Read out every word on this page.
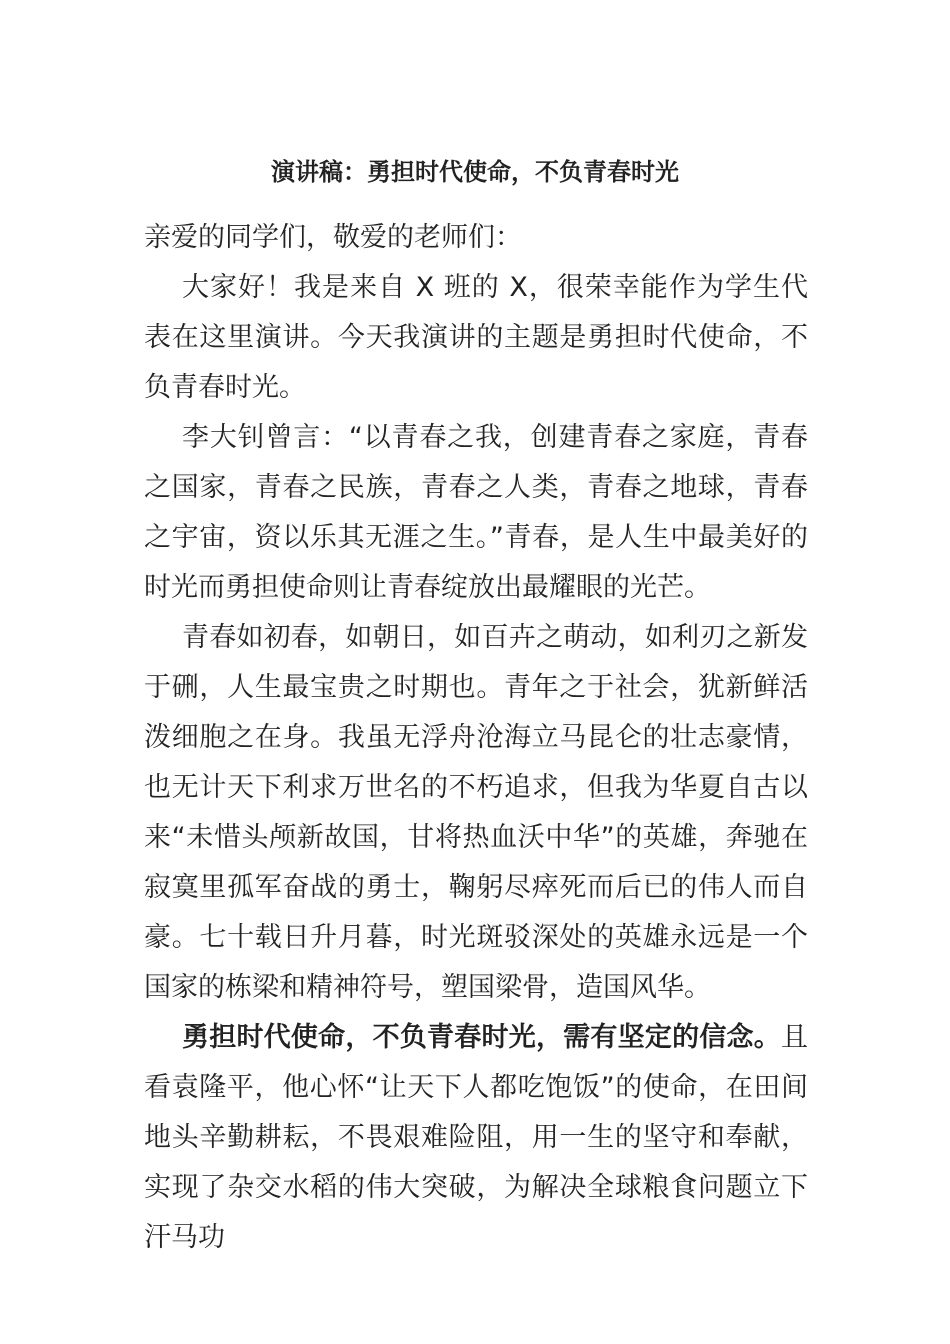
演讲稿：勇担时代使命，不负青春时光

亲爱的同学们，敬爱的老师们：

大家好！我是来自 X 班的 X，很荣幸能作为学生代表在这里演讲。今天我演讲的主题是勇担时代使命，不负青春时光。

李大钊曾言：“以青春之我，创建青春之家庭，青春之国家，青春之民族，青春之人类，青春之地球，青春之宇宙，资以乐其无涯之生。”青春，是人生中最美好的时光而勇担使命则让青春绽放出最耀眼的光芒。

青春如初春，如朝日，如百卉之萌动，如利刃之新发于硎，人生最宝贵之时期也。青年之于社会，犹新鲜活泼细胞之在身。我虽无浮舟沧海立马昆仑的壮志豪情，也无计天下利求万世名的不朽追求，但我为华夏自古以来“未惜头颅新故国，甘将热血沃中华”的英雄，奔驰在寂寞里孤军奋战的勇士，鞠躬尽瘁死而后已的伟人而自豪。七十载日升月暮，时光斑驳深处的英雄永远是一个国家的栋梁和精神符号，塑国梁骨，造国风华。

勇担时代使命，不负青春时光，需有坚定的信念。且看袁隆平，他心怀“让天下人都吃饱饭”的使命，在田间地头辛勤耕耘，不畏艰难险阻，用一生的坚守和奉献，实现了杂交水稻的伟大突破，为解决全球粮食问题立下汗马功
